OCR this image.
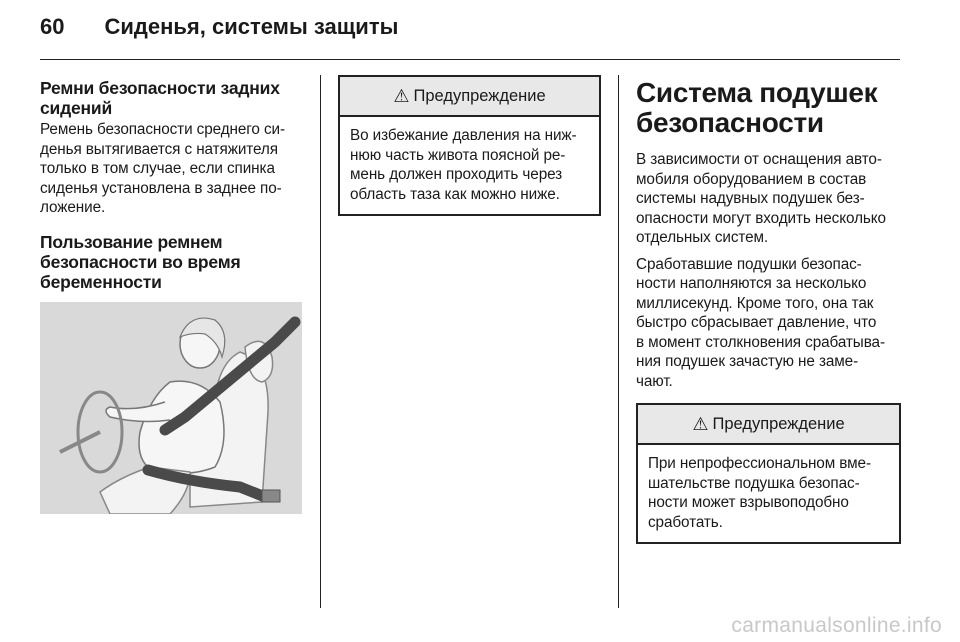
60 Сиденья, системы защиты
Ремни безопасности задних
сидений

Ремень безопасности среднего си-
денья вытягивается с натяжителя
только в том случае, если спинка
сиденья установлена в заднее по-
ложение.

Пользование ремнем
безопасности во время
беременности
⚠ Предупреждение

Во избежание давления на ниж-
нюю часть живота поясной ре-
мень должен проходить через
область таза как можно ниже.

Система подушек
безопасности

В зависимости от оснащения авто-
мобиля оборудованием в состав
системы надувных подушек без-
опасности могут входить несколько
отдельных систем.

Сработавшие подушки безопас-
ности наполняются за несколько
миллисекунд. Кроме того, она так
быстро сбрасывает давление, что
в момент столкновения срабатыва-
ния подушек зачастую не заме-
чают.

⚠ Предупреждение

При непрофессиональном вме-
шательстве подушка безопас-
ности может взрывоподобно
сработать.

carmanualsonline.info
